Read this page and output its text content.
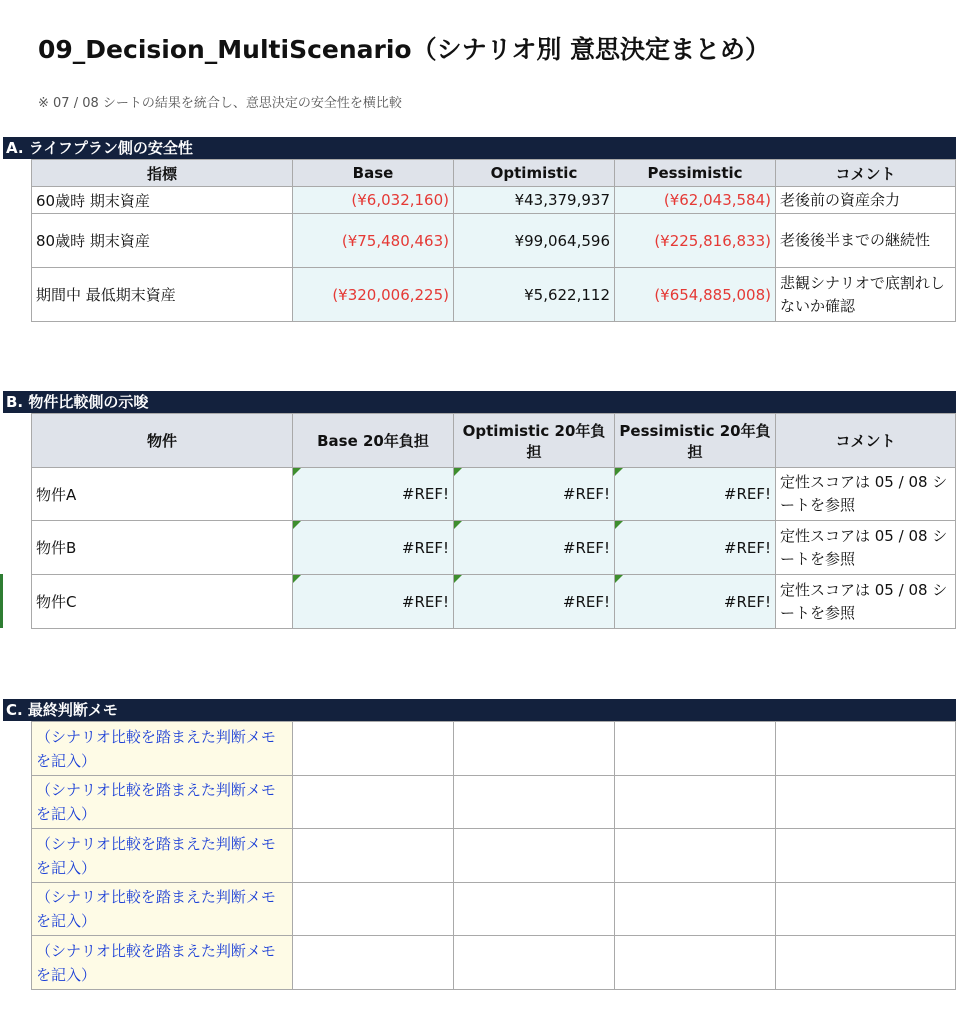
09_Decision_MultiScenario（シナリオ別 意思決定まとめ）
※ 07 / 08 シートの結果を統合し、意思決定の安全性を横比較
A. ライフプラン側の安全性
指標	Base	Optimistic	Pessimistic	コメント
60歳時 期末資産	(¥6,032,160)	¥43,379,937	(¥62,043,584)	老後前の資産余力
80歳時 期末資産	(¥75,480,463)	¥99,064,596	(¥225,816,833)	老後後半までの継続性
期間中 最低期末資産	(¥320,006,225)	¥5,622,112	(¥654,885,008)	悲観シナリオで底割れしないか確認
B. 物件比較側の示唆
物件	Base 20年負担	Optimistic 20年負担	Pessimistic 20年負担	コメント
物件A	#REF!	#REF!	#REF!	定性スコアは 05 / 08 シートを参照
物件B	#REF!	#REF!	#REF!	定性スコアは 05 / 08 シートを参照
物件C	#REF!	#REF!	#REF!	定性スコアは 05 / 08 シートを参照
C. 最終判断メモ
（シナリオ比較を踏まえた判断メモを記入）				
（シナリオ比較を踏まえた判断メモを記入）				
（シナリオ比較を踏まえた判断メモを記入）				
（シナリオ比較を踏まえた判断メモを記入）				
（シナリオ比較を踏まえた判断メモを記入）				
